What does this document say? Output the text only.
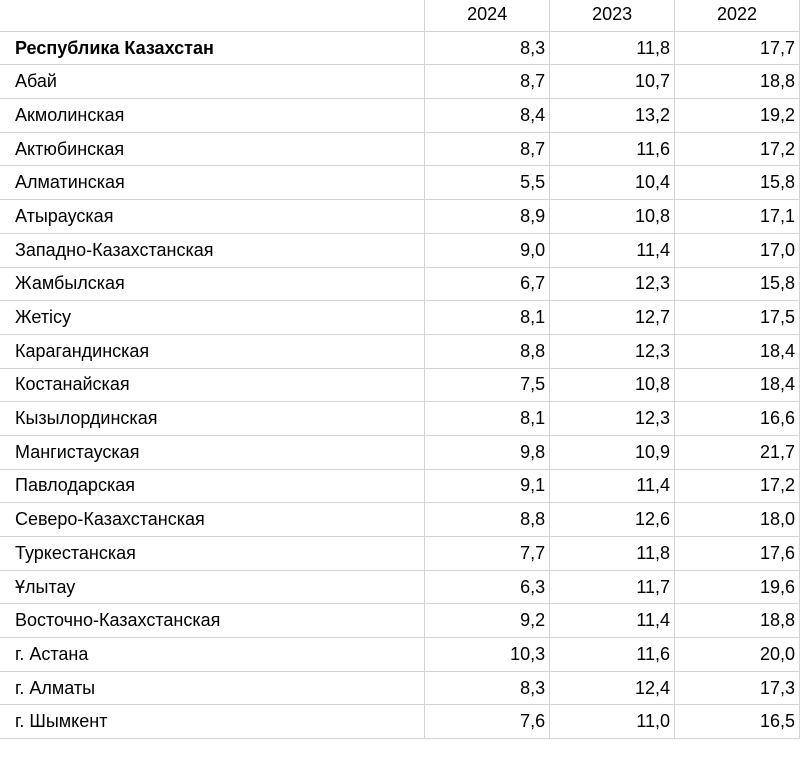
	2024	2023	2022
Республика Казахстан	8,3	11,8	17,7
Абай	8,7	10,7	18,8
Акмолинская	8,4	13,2	19,2
Актюбинская	8,7	11,6	17,2
Алматинская	5,5	10,4	15,8
Атырауская	8,9	10,8	17,1
Западно-Казахстанская	9,0	11,4	17,0
Жамбылская	6,7	12,3	15,8
Жетісу	8,1	12,7	17,5
Карагандинская	8,8	12,3	18,4
Костанайская	7,5	10,8	18,4
Кызылординская	8,1	12,3	16,6
Мангистауская	9,8	10,9	21,7
Павлодарская	9,1	11,4	17,2
Северо-Казахстанская	8,8	12,6	18,0
Туркестанская	7,7	11,8	17,6
Ұлытау	6,3	11,7	19,6
Восточно-Казахстанская	9,2	11,4	18,8
г. Астана	10,3	11,6	20,0
г. Алматы	8,3	12,4	17,3
г. Шымкент	7,6	11,0	16,5
